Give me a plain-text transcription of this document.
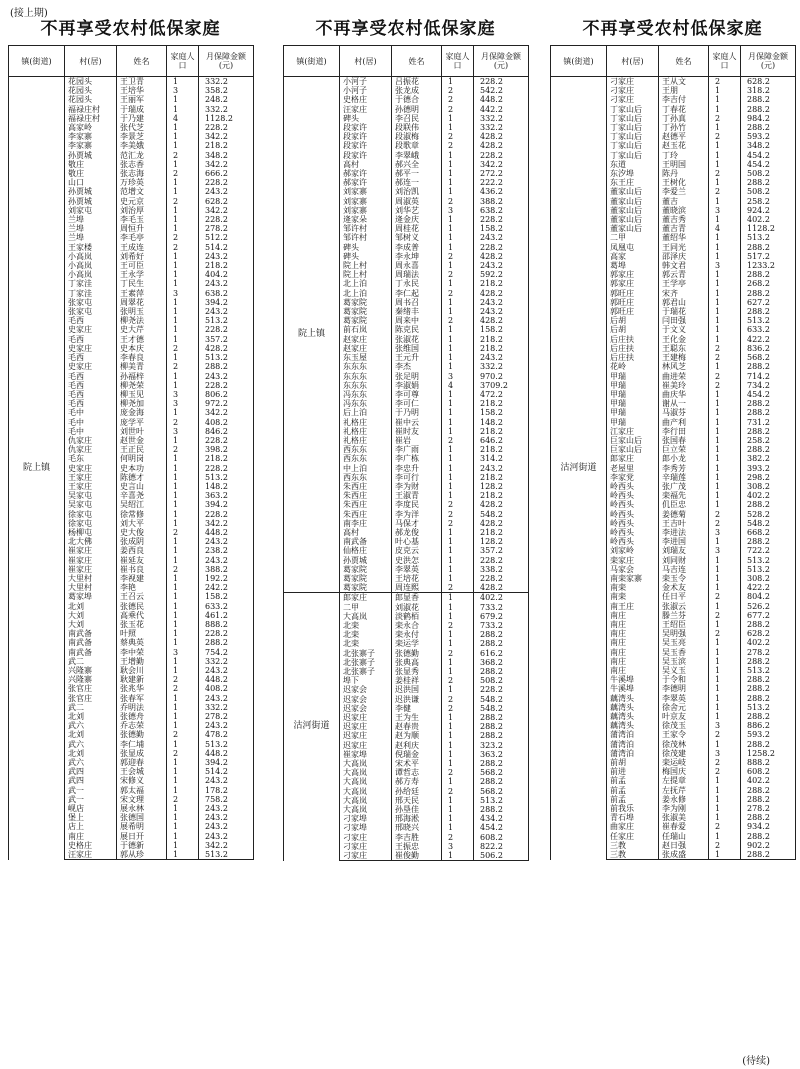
(接上期)
不再享受农村低保家庭
镇(街道)	村(居)	姓名	家庭人口	月保障金额(元)
院上镇	花园头	王卫青	1	332.2
	花园头	王培华	3	358.2
	花园头	王丽军	1	248.2
	福禄庄村	于瑞成	1	332.2
	福禄庄村	于乃建	4	1128.2
	高家岭	张代芝	1	228.2
	李家寨	李景芝	1	342.2
	李家寨	李美娥	1	218.2
	孙贾城	范汇龙	2	348.2
	敬庄	张志香	1	342.2
	敬庄	张志海	2	666.2
	山口	万珍英	1	228.2
	孙贾城	范增文	1	243.2
	孙贾城	史元京	2	628.2
	刘家屯	刘治厚	1	342.2
	兰埠	李毛玉	1	228.2
	兰埠	周恒升	1	278.2
	兰埠	李毛亭	2	512.2
	王家楼	王成连	2	514.2
	小高岚	刘希好	1	243.2
	小高岚	王可臣	1	218.2
	小高岚	王永学	1	404.2
	丁家洼	丁民生	1	243.2
	丁家洼	王素萍	3	638.2
	张家屯	周翠花	1	394.2
	张家屯	张明玉	1	243.2
	毛西	柳尧法	1	513.2
	史家庄	史大芹	1	228.2
	毛西	王才德	1	357.2
	史家庄	史本庆	2	428.2
	毛西	李春良	1	513.2
	史家庄	柳美青	2	288.2
	毛西	孙福梓	1	243.2
	毛西	柳尧荣	1	228.2
	毛西	柳玉见	3	806.2
	毛西	柳尧加	3	972.2
	毛中	庞金海	1	342.2
	毛中	庞学平	2	408.2
	毛中	刘世叶	3	846.2
	仇家庄	赵世金	1	228.2
	仇家庄	王正民	2	398.2
	毛东	何明岗	1	218.2
	史家庄	史本功	1	228.2
	王家庄	陈德才	1	513.2
	王家庄	史言山	1	148.2
	吴家屯	辛喜尧	1	363.2
	吴家屯	吴绍江	1	394.2
	徐家屯	徐常修	1	228.2
	徐家屯	刘大平	1	342.2
	杨柳屯	史大俊	2	448.2
	北大佛	张成阴	1	243.2
	崔家庄	姜西良	1	238.2
	崔家庄	崔延友	1	243.2
	崔家庄	崔书良	2	388.2
	大里村	李视建	1	192.2
	大里村	李艳	1	242.2
	葛家埠	王召云	1	158.2
	北刘	张德民	1	633.2
	大刘	高乘代	1	461.2
	大刘	张玉花	1	888.2
	南武备	叶照	1	228.2
	南武备	蔡典英	1	288.2
	南武备	李中荣	3	754.2
	武二	王增勤	1	332.2
	兴隆寨	耿会川	1	243.2
	兴隆寨	耿建新	2	448.2
	张官庄	张兆华	2	408.2
	张官庄	张春军	1	243.2
	武二	乔明法	1	332.2
	北刘	张德舟	1	278.2
	武六	乔志荣	1	243.2
	北刘	张德勤	2	478.2
	武六	李仁埔	1	513.2
	北刘	张显成	2	448.2
	武六	郭迎春	1	394.2
	武四	王会城	1	514.2
	武四	宋修义	1	243.2
	武一	郭太福	1	178.2
	武一	宋文理	2	758.2
	岘店	展永林	1	243.2
	堡上	张德国	1	243.2
	店上	展希明	1	243.2
	南庄	展日开	1	243.2
	史格庄	于德新	1	342.2
	汪家庄	郭从珍	1	513.2
不再享受农村低保家庭
镇(街道)	村(居)	姓名	家庭人口	月保障金额(元)
院上镇	小河子	吕振花	1	228.2
	小河子	张龙成	2	542.2
	史格庄	于德合	2	448.2
	汪家庄	孙德明	2	442.2
	碑头	李召民	1	332.2
	段家许	段联伟	1	332.2
	段家许	段淑梅	2	428.2
	段家许	段歌章	2	428.2
	段家许	李翠峨	1	228.2
	高村	郝兴全	1	342.2
	郝家许	郝平一	1	272.2
	郝家许	郝连一	1	222.2
	刘家寨	刘治凯	1	436.2
	刘家寨	周淑英	2	388.2
	刘家寨	刘华艺	3	638.2
	逄家朵	逄金庆	1	228.2
	邹许村	周桂花	1	158.2
	邹许村	邹树义	1	243.2
	碑头	李成普	1	228.2
	碑头	李永坤	2	428.2
	院上村	周永喜	1	243.2
	院上村	周瑞法	2	592.2
	北上泊	丁永民	1	218.2
	北上泊	李仁起	2	428.2
	葛家院	周书召	1	243.2
	葛家院	秦绪丰	1	243.2
	葛家院	周来中	2	428.2
	前石岚	陈克民	1	158.2
	赵家庄	张淑花	1	218.2
	赵家庄	张维国	1	218.2
	东玉屋	王元升	1	243.2
	东东东	李杰	1	332.2
	东东东	张足明	3	970.2
	东东东	李淑娟	4	3709.2
	冯东东	李可尊	1	472.2
	冯东东	李可仁	1	218.2
	后上泊	于乃明	1	158.2
	礼格庄	崔中云	1	148.2
	礼格庄	崔时友	1	218.2
	礼格庄	崔岩	2	646.2
	西东东	李广雨	1	218.2
	西东东	李广栋	1	314.2
	中上泊	李忠升	1	243.2
	西东东	李可行	1	218.2
	朱西庄	李为财	1	128.2
	朱西庄	王淑青	1	218.2
	朱西庄	李度民	2	428.2
	朱西庄	李为洋	2	548.2
	南李庄	马保才	2	428.2
	高村	郝龙俊	1	218.2
	南武备	叶心基	1	128.2
	仙格庄	皮克云	1	357.2
	孙贾城	史洪怎	1	228.2
	葛家院	李翠英	1	338.2
	葛家院	王培花	1	228.2
	葛家院	周连熙	2	428.2
沽河街道	郎家庄	郎显香	1	402.2
	二甲	刘淑花	1	733.2
	大高岚	淡鹤栢	1	679.2
	北栾	栾永合	2	733.2
	北栾	栾永付	1	288.2
	北栾	栾运学	1	288.2
	北张寨子	张德勤	2	616.2
	北张寨子	张典高	1	368.2
	北张寨子	张显秀	1	288.2
	埠下	姜桂祥	2	508.2
	迟家会	迟洪国	1	228.2
	迟家会	迟洪谦	2	548.2
	迟家会	李健	2	548.2
	迟家庄	王为生	1	288.2
	迟家庄	赵春贵	1	288.2
	迟家庄	赵为顺	1	288.2
	迟家庄	赵利庆	1	323.2
	崔家埠	倪瑞金	1	363.2
	大高岚	宋术平	1	288.2
	大高岚	谭哲志	2	568.2
	大高岚	郝方寿	1	288.2
	大高岚	孙给廷	2	568.2
	大高岚	邢天民	1	513.2
	大高岚	孙垦佳	1	288.2
	刁家埠	邢海淞	1	434.2
	刁家埠	邢晓兴	1	454.2
	刁家庄	李吉胜	2	608.2
	刁家庄	王振忠	3	822.2
	刁家庄	崔俊勤	1	506.2
不再享受农村低保家庭
镇(街道)	村(居)	姓名	家庭人口	月保障金额(元)
沽河街道	刁家庄	王从文	2	628.2
	刁家庄	王朋	1	318.2
	刁家庄	李吉付	1	288.2
	丁家山后	丁春花	1	288.2
	丁家山后	丁孙真	2	984.2
	丁家山后	丁孙竹	1	288.2
	丁家山后	赵德平	2	593.2
	丁家山后	赵玉花	1	348.2
	丁家山后	丁玲	1	454.2
	东道	王明国	1	454.2
	东汐埠	陈丹	2	508.2
	东王庄	王树化	1	288.2
	董家山后	李爱兰	2	508.2
	董家山后	董吉	1	258.2
	董家山后	董晓滨	3	924.2
	董家山后	董吉秀	1	402.2
	董家山后	董吉青	4	1128.2
	二甲	董绍华	1	513.2
	凤凰屯	王同光	1	288.2
	高家	邵泽庆	1	517.2
	葛埠	韩文君	3	1233.2
	郭家庄	郭云青	1	288.2
	郭家庄	王学亭	1	268.2
	郭旺庄	宋齐	1	288.2
	郭旺庄	郭君山	1	627.2
	郭旺庄	于瑞花	1	288.2
	后胡	闫田强	1	513.2
	后胡	于文义	1	633.2
	后庄扶	王化金	1	422.2
	后庄扶	王聪东	2	836.2
	后庄扶	王建梅	2	568.2
	花岭	林风芝	1	288.2
	甲瑞	曲进荣	2	714.2
	甲瑞	崔美玲	2	734.2
	甲瑞	曲庆华	1	454.2
	甲瑞	谢从一	1	288.2
	甲瑞	马淑芬	1	288.2
	甲瑞	曲产利	1	731.2
	江家庄	李行田	1	288.2
	巨家山后	张国春	1	258.2
	巨家山后	巨立荣	1	288.2
	郎家庄	郎小龙	1	382.2
	老屋里	李秀芳	1	393.2
	李家党	辛瑞莲	1	298.2
	岭西头	张广茂	1	308.2
	岭西头	栾福先	1	402.2
	岭西头	仉臣忠	1	288.2
	岭西头	姜德菊	2	528.2
	岭西头	王吉叶	2	548.2
	岭西头	李进法	3	668.2
	岭西头	李进国	1	288.2
	刘家岭	刘瑞友	3	722.2
	栾家庄	刘同财	1	513.2
	马家会	马吉连	1	513.2
	南栾家寨	栾玉令	1	308.2
	南栾	金术友	1	422.2
	南栾	任日平	2	804.2
	南王庄	张淑云	1	526.2
	南庄	滕兰芬	2	677.2
	南庄	王绍臣	1	288.2
	南庄	吴明强	2	628.2
	南庄	吴玉亮	1	402.2
	南庄	吴玉香	1	278.2
	南庄	吴玉滨	1	288.2
	南庄	吴义玉	1	513.2
	牛溪埠	于令和	1	288.2
	牛溪埠	李德明	1	288.2
	藕湾头	李翠英	1	288.2
	藕湾头	徐舍元	1	513.2
	藕湾头	叶京友	1	288.2
	藕湾头	徐茂玉	3	886.2
	蒲湾泊	王家令	2	593.2
	蒲湾泊	徐茂林	1	288.2
	蒲湾泊	徐茂建	3	1258.2
	前胡	栾运岐	2	888.2
	前进	梅国庆	2	608.2
	前孟	左提章	1	402.2
	前孟	左抚芹	1	288.2
	前孟	姜永修	1	288.2
	前我乐	李为刚	1	278.2
	青石埠	张淑美	1	288.2
	曲家庄	崔春爱	2	934.2
	任家庄	任瑞山	1	288.2
	三教	赵日强	2	902.2
	三教	张成盛	1	288.2
(待续)
